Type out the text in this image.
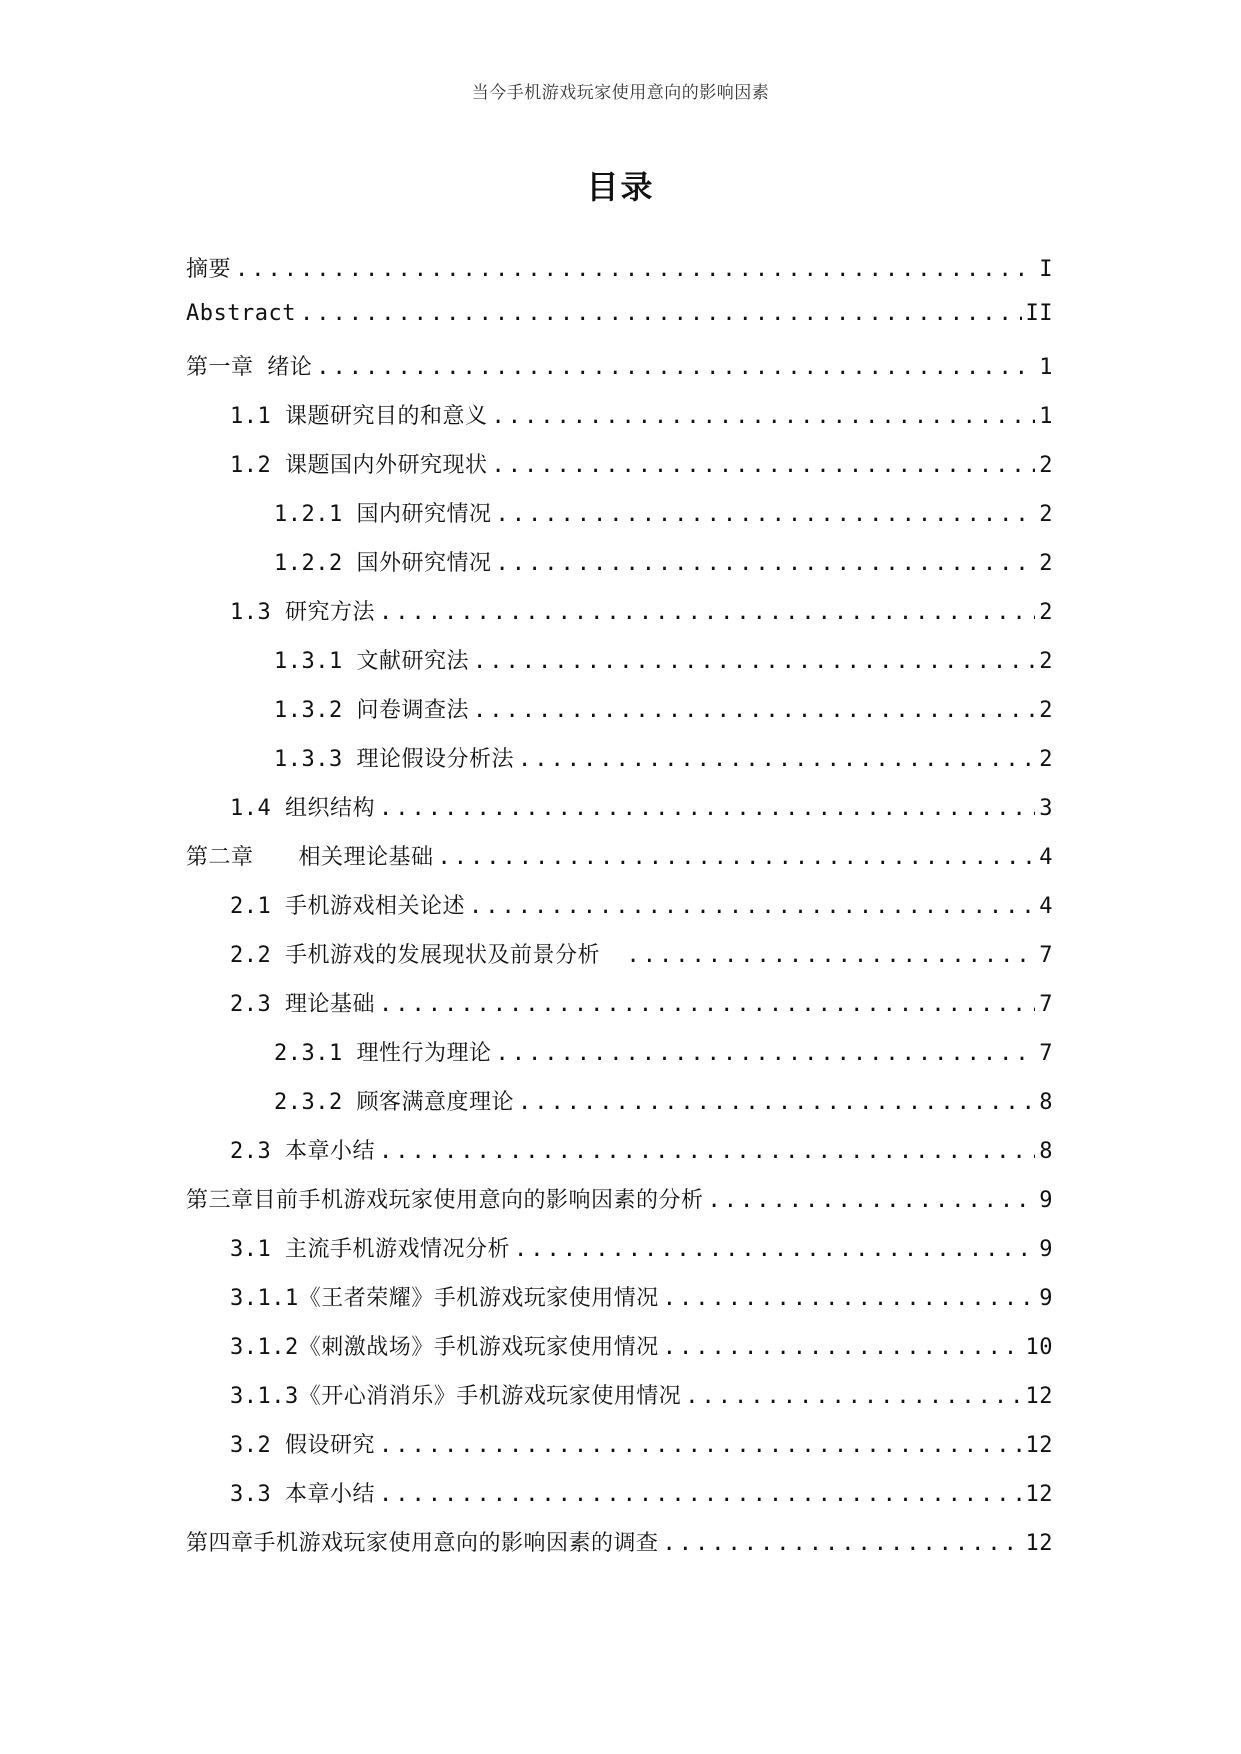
当今手机游戏玩家使用意向的影响因素
目录
摘要 .....	I
Abstract .....	II
第一章 绪论 .....	1
1.1 课题研究目的和意义 .....	1
1.2 课题国内外研究现状 .....	2
1.2.1 国内研究情况 .....	2
1.2.2 国外研究情况 .....	2
1.3 研究方法 .....	2
1.3.1 文献研究法 .....	2
1.3.2 问卷调查法 .....	2
1.3.3 理论假设分析法 .....	2
1.4 组织结构 .....	3
第二章　　相关理论基础 .....	4
2.1 手机游戏相关论述 .....	4
2.2 手机游戏的发展现状及前景分析　 .....	7
2.3 理论基础 .....	7
2.3.1 理性行为理论 .....	7
2.3.2 顾客满意度理论 .....	8
2.3 本章小结 .....	8
第三章目前手机游戏玩家使用意向的影响因素的分析 .....	9
3.1 主流手机游戏情况分析 .....	9
3.1.1《王者荣耀》手机游戏玩家使用情况 .....	9
3.1.2《刺激战场》手机游戏玩家使用情况 .....	10
3.1.3《开心消消乐》手机游戏玩家使用情况 .....	12
3.2 假设研究 .....	12
3.3 本章小结 .....	12
第四章手机游戏玩家使用意向的影响因素的调查 .....	12
